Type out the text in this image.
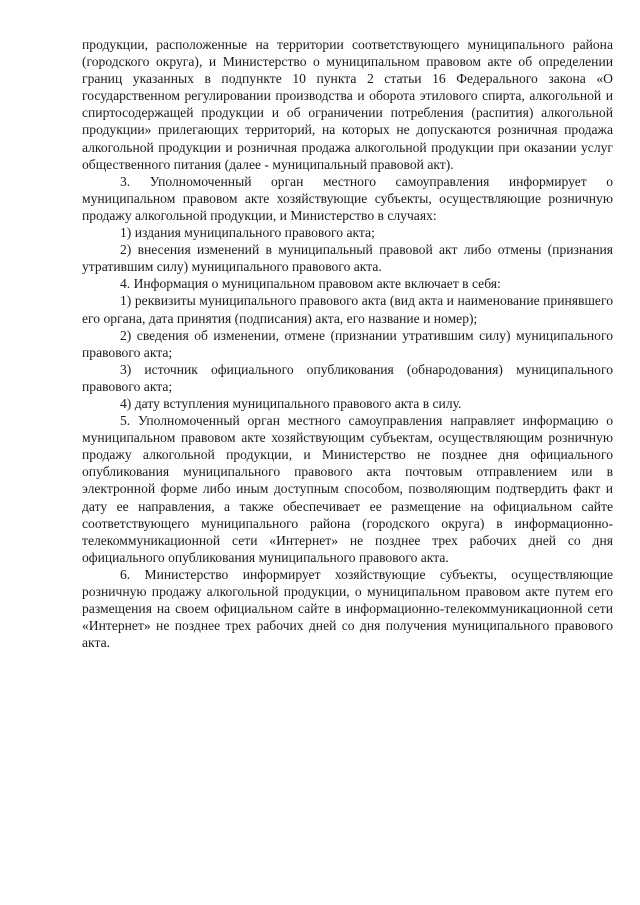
продукции, расположенные на территории соответствующего муниципального района (городского округа), и Министерство о муниципальном правовом акте об определении границ указанных в подпункте 10 пункта 2 статьи 16 Федерального закона «О государственном регулировании производства и оборота этилового спирта, алкогольной и спиртосодержащей продукции и об ограничении потребления (распития) алкогольной продукции» прилегающих территорий, на которых не допускаются розничная продажа алкогольной продукции и розничная продажа алкогольной продукции при оказании услуг общественного питания (далее - муниципальный правовой акт).

3. Уполномоченный орган местного самоуправления информирует о муниципальном правовом акте хозяйствующие субъекты, осуществляющие розничную продажу алкогольной продукции, и Министерство в случаях:

1) издания муниципального правового акта;

2) внесения изменений в муниципальный правовой акт либо отмены (признания утратившим силу) муниципального правового акта.

4. Информация о муниципальном правовом акте включает в себя:

1) реквизиты муниципального правового акта (вид акта и наименование принявшего его органа, дата принятия (подписания) акта, его название и номер);

2) сведения об изменении, отмене (признании утратившим силу) муниципального правового акта;

3) источник официального опубликования (обнародования) муниципального правового акта;

4) дату вступления муниципального правового акта в силу.

5. Уполномоченный орган местного самоуправления направляет информацию о муниципальном правовом акте хозяйствующим субъектам, осуществляющим розничную продажу алкогольной продукции, и Министерство не позднее дня официального опубликования муниципального правового акта почтовым отправлением или в электронной форме либо иным доступным способом, позволяющим подтвердить факт и дату ее направления, а также обеспечивает ее размещение на официальном сайте соответствующего муниципального района (городского округа) в информационно-телекоммуникационной сети «Интернет» не позднее трех рабочих дней со дня официального опубликования муниципального правового акта.

6. Министерство информирует хозяйствующие субъекты, осуществляющие розничную продажу алкогольной продукции, о муниципальном правовом акте путем его размещения на своем официальном сайте в информационно-телекоммуникационной сети «Интернет» не позднее трех рабочих дней со дня получения муниципального правового акта.
